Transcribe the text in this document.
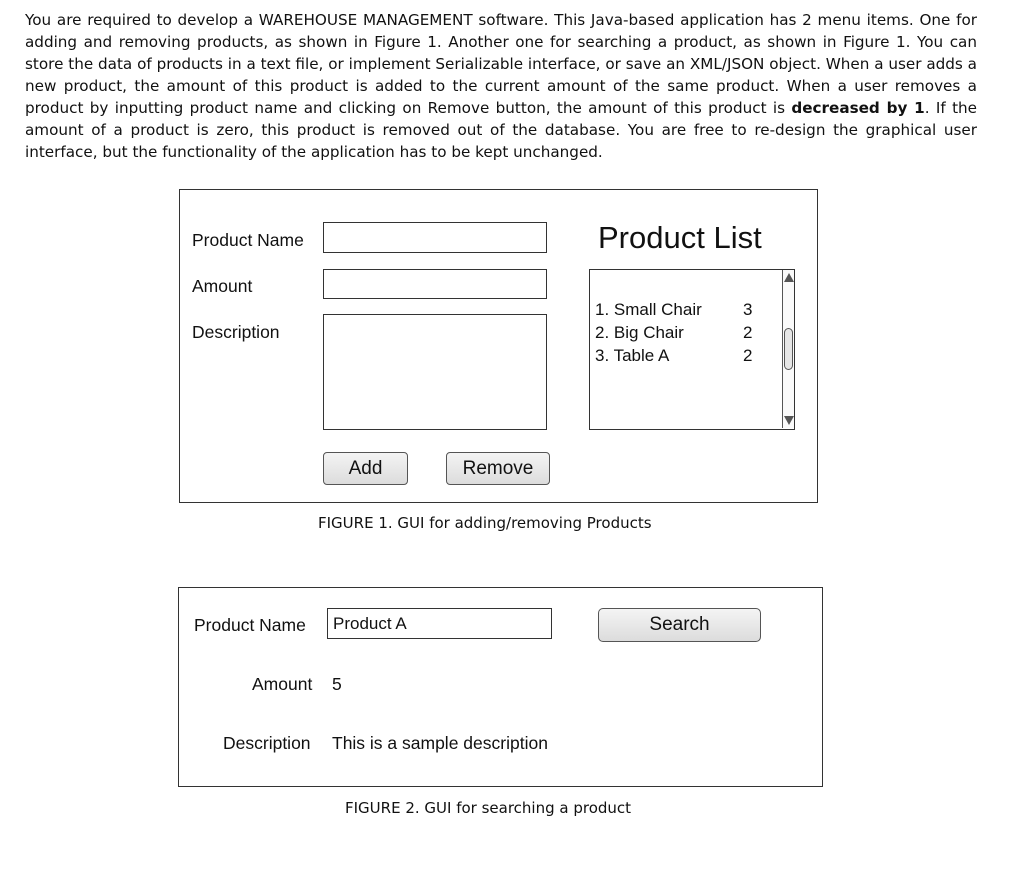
You are required to develop a WAREHOUSE MANAGEMENT software. This Java-based application has 2 menu items. One for adding and removing products, as shown in Figure 1. Another one for searching a product, as shown in Figure 1. You can store the data of products in a text file, or implement Serializable interface, or save an XML/JSON object. When a user adds a new product, the amount of this product is added to the current amount of the same product. When a user removes a product by inputting product name and clicking on Remove button, the amount of this product is decreased by 1. If the amount of a product is zero, this product is removed out of the database. You are free to re-design the graphical user interface, but the functionality of the application has to be kept unchanged.

Product Name
Amount
Description
Add	Remove
Product List
1. Small Chair 3
2. Big Chair	2
3. Table A	2
FIGURE 1. GUI for adding/removing Products
Product Name Product A	Search
Amount 5
Description This is a sample description
FIGURE 2. GUI for searching a product
